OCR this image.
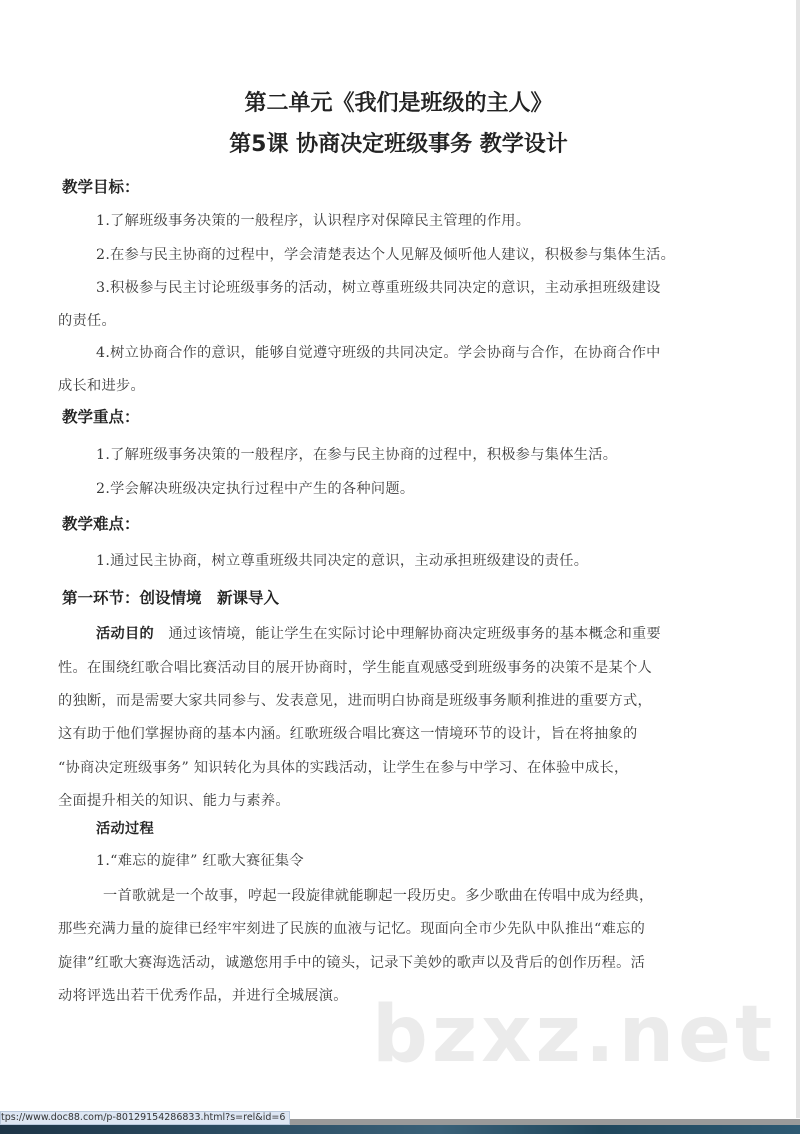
第二单元《我们是班级的主人》
第5课 协商决定班级事务 教学设计
教学目标：
1.了解班级事务决策的一般程序，认识程序对保障民主管理的作用。
2.在参与民主协商的过程中，学会清楚表达个人见解及倾听他人建议，积极参与集体生活。
3.积极参与民主讨论班级事务的活动，树立尊重班级共同决定的意识，主动承担班级建设
的责任。
4.树立协商合作的意识，能够自觉遵守班级的共同决定。学会协商与合作，在协商合作中
成长和进步。
教学重点：
1.了解班级事务决策的一般程序，在参与民主协商的过程中，积极参与集体生活。
2.学会解决班级决定执行过程中产生的各种问题。
教学难点：
1.通过民主协商，树立尊重班级共同决定的意识，主动承担班级建设的责任。
第一环节：创设情境　新课导入
活动目的　 通过该情境，能让学生在实际讨论中理解协商决定班级事务的基本概念和重要
性。在围绕红歌合唱比赛活动目的展开协商时，学生能直观感受到班级事务的决策不是某个人
的独断，而是需要大家共同参与、发表意见，进而明白协商是班级事务顺利推进的重要方式，
这有助于他们掌握协商的基本内涵。红歌班级合唱比赛这一情境环节的设计，旨在将抽象的
“协商决定班级事务” 知识转化为具体的实践活动，让学生在参与中学习、在体验中成长，
全面提升相关的知识、能力与素养。
活动过程
1.“难忘的旋律” 红歌大赛征集令
一首歌就是一个故事，哼起一段旋律就能聊起一段历史。多少歌曲在传唱中成为经典，
那些充满力量的旋律已经牢牢刻进了民族的血液与记忆。现面向全市少先队中队推出“难忘的
旋律”红歌大赛海选活动，诚邀您用手中的镜头，记录下美妙的歌声以及背后的创作历程。活
动将评选出若干优秀作品，并进行全城展演。 bzxz.net
tps://www.doc88.com/p-80129154286833.html?s=rel&id=6
